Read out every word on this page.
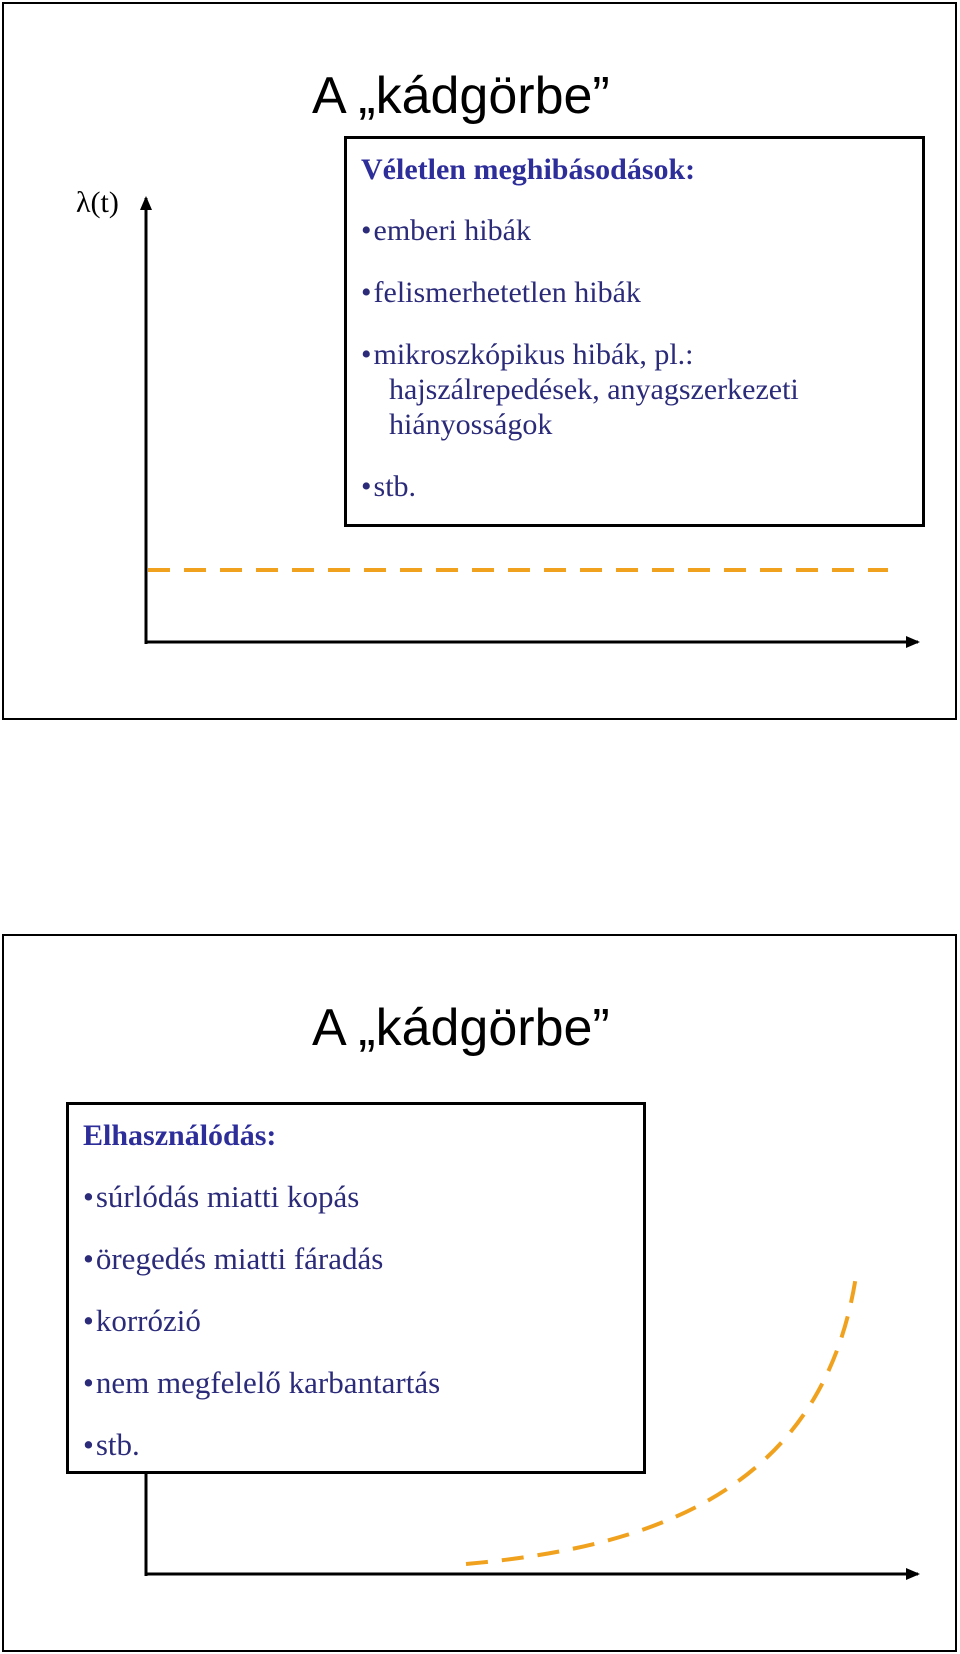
A „kádgörbe”
λ(t)
Véletlen meghibásodások:
•emberi hibák
•felismerhetetlen hibák
•mikroszkópikus hibák, pl.:
hajszálrepedések, anyagszerkezeti
hiányosságok
•stb.
A „kádgörbe”
Elhasználódás:
•súrlódás miatti kopás
•öregedés miatti fáradás
•korrózió
•nem megfelelő karbantartás
•stb.
